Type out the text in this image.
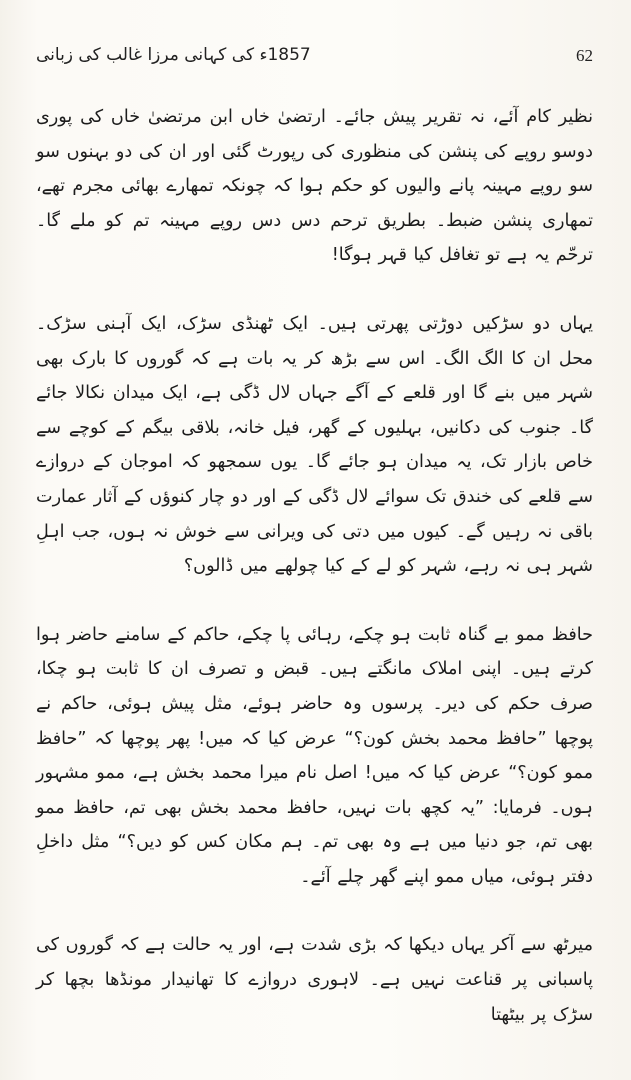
1857ء کی کہانی مرزا غالب کی زبانی	62

نظیر کام آئے، نہ تقریر پیش جائے۔ ارتضیٰ خاں ابن مرتضیٰ خاں کی پوری دوسو روپے کی پنشن کی منظوری کی رپورٹ گئی اور ان کی دو بہنوں سو سو روپے مہینہ پانے والیوں کو حکم ہوا کہ چونکہ تمھارے بھائی مجرم تھے، تمھاری پنشن ضبط۔ بطریق ترحم دس دس روپے مہینہ تم کو ملے گا۔ ترحّم یہ ہے تو تغافل کیا قہر ہوگا!

یہاں دو سڑکیں دوڑتی پھرتی ہیں۔ ایک ٹھنڈی سڑک، ایک آہنی سڑک۔ محل ان کا الگ الگ۔ اس سے بڑھ کر یہ بات ہے کہ گوروں کا بارک بھی شہر میں بنے گا اور قلعے کے آگے جہاں لال ڈگی ہے، ایک میدان نکالا جائے گا۔ جنوب کی دکانیں، بہلیوں کے گھر، فیل خانہ، بلاقی بیگم کے کوچے سے خاص بازار تک، یہ میدان ہو جائے گا۔ یوں سمجھو کہ اموجان کے دروازے سے قلعے کی خندق تک سوائے لال ڈگی کے اور دو چار کنوؤں کے آثار عمارت باقی نہ رہیں گے۔ کیوں میں دتی کی ویرانی سے خوش نہ ہوں، جب اہلِ شہر ہی نہ رہے، شہر کو لے کے کیا چولھے میں ڈالوں؟

حافظ ممو بے گناہ ثابت ہو چکے، رہائی پا چکے، حاکم کے سامنے حاضر ہوا کرتے ہیں۔ اپنی املاک مانگتے ہیں۔ قبض و تصرف ان کا ثابت ہو چکا، صرف حکم کی دیر۔ پرسوں وہ حاضر ہوئے، مثل پیش ہوئی، حاکم نے پوچھا ”حافظ محمد بخش کون؟“ عرض کیا کہ میں! پھر پوچھا کہ ”حافظ ممو کون؟“ عرض کیا کہ میں! اصل نام میرا محمد بخش ہے، ممو مشہور ہوں۔ فرمایا: ”یہ کچھ بات نہیں، حافظ محمد بخش بھی تم، حافظ ممو بھی تم، جو دنیا میں ہے وہ بھی تم۔ ہم مکان کس کو دیں؟“ مثل داخلِ دفتر ہوئی، میاں ممو اپنے گھر چلے آئے۔

میرٹھ سے آکر یہاں دیکھا کہ بڑی شدت ہے، اور یہ حالت ہے کہ گوروں کی پاسبانی پر قناعت نہیں ہے۔ لاہوری دروازے کا تھانیدار مونڈھا بچھا کر سڑک پر بیٹھتا
